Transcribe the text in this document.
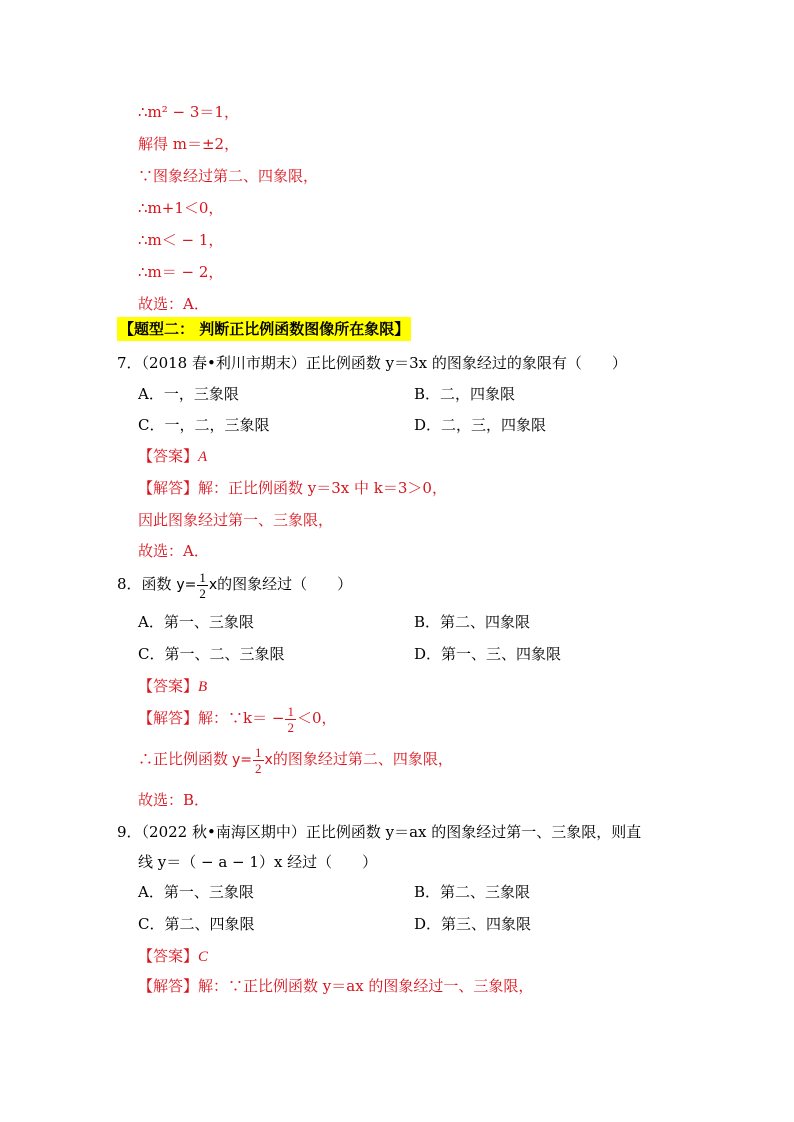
∴m² − 3＝1，
解得 m＝±2，
∵图象经过第二、四象限，
∴m+1＜0，
∴m＜ − 1，
∴m＝ − 2，
故选：A．
【题型二： 判断正比例函数图像所在象限】
7．（2018 春•利川市期末）正比例函数 y＝3x 的图象经过的象限有（　　）
A．一，三象限	B．二，四象限
C．一，二，三象限	D．二，三，四象限
【答案】A
【解答】解：正比例函数 y＝3x 中 k＝3＞0，
因此图象经过第一、三象限，
故选：A．
8．函数 $y= \frac{1}{2}$ x的图象经过（　　）
A．第一、三象限	B．第二、四象限
C．第一、二、三象限	D．第一、三、四象限
【答案】B
【解答】解：∵k＝ − $\frac{1}{2} <0$，
∴正比例函数 $y= \frac{1}{2}$ x的图象经过第二、四象限，
故选：B．
9．（2022 秋•南海区期中）正比例函数 y＝ax 的图象经过第一、三象限，则直
线 y＝（ − a − 1）x 经过（　　）
A．第一、三象限	B．第二、三象限
C．第二、四象限	D．第三、四象限
【答案】C
【解答】解：∵正比例函数 y＝ax 的图象经过一、三象限，
